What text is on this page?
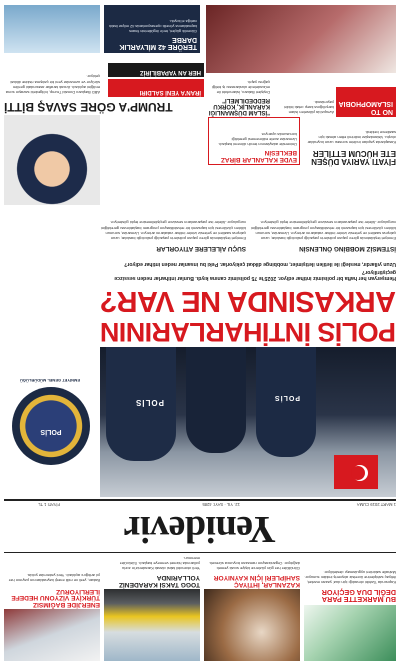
BU MARKETTE PARA DEĞİL DUA GEÇİYOR
Kapısında 'Sahibi olmadığı için dua' yazan market, ihtiyaç sahiplerine ücretsiz alışveriş imkânı sunuyor. Mahalle sakinleri uygulamayı destekliyor.
KAZANLAR, İHTİYAÇ SAHİPLERİ İÇİN KAYNIYOR
Gönüllüler her gün yüzlerce kişiye sıcak yemek dağıtıyor. Organizasyon ramazan boyunca sürecek.
TOGG TAKSİ KARADENİZ YOLLARINDA
Yerli otomobil taksi olarak Karadeniz'in zorlu yollarında hizmet vermeye başladı. Sürücüler memnun.
ENERJİDE BAĞIMSIZ TÜRKİYE VİZYONU HEDEFE İLERLİYORUZ
Bakan, yerli ve milli enerji kaynaklarının payının her yıl arttığını açıkladı. Yeni yatırımlar yolda.
Yenidevir
1 MART 2019 CUMA
12. YIL · SAYI: 4285
FİYATI 1 TL
POLİS
POLİS
POLİS İNTİHARLARININ
ARKASINDA NE VAR?
Hemşeryan her hafta bir polisimiz intihar ediyor. 2025'te 75 polisimiz canına kıydı. Bunlar intiharlar neden sessizce geçiştiriliyor?
Uzun yıllardır, mesleği ile iletilen iletişimler, mobbinge dikkat çekiyorlar. Peki bu insanlar neden intihar ediyor?
POLİS
EMNİYET GENEL MÜDÜRLÜĞÜ
İSTEMSİZ MOBBİNG ÖNLENSİN
Emniyet teşkilatında görev yapan polislerin yaşadığı psikolojik baskılar, uzun çalışma saatleri ve yetersiz izinler intihar vakalarını artırıyor. Uzmanlar, sorunun kökten çözülmesi için kapsamlı bir rehabilitasyon programı başlatılması gerektiğini vurguluyor. Aileler ise yaşananların sessizce geçiştirilmesine tepki gösteriyor.
SUÇU AİLELERE ATIYORLAR
Emniyet teşkilatında görev yapan polislerin yaşadığı psikolojik baskılar, uzun çalışma saatleri ve yetersiz izinler intihar vakalarını artırıyor. Uzmanlar, sorunun kökten çözülmesi için kapsamlı bir rehabilitasyon programı başlatılması gerektiğini vurguluyor. Aileler ise yaşananların sessizce geçiştirilmesine tepki gösteriyor.
TRUMP'A GÖRE SAVAŞ BİTTİ
İRAN'A YENİ SALDIRI
HER AN YAPABİLİRİZ
ABD Başkanı Donald Trump, bölgedeki savaşın sona erdiğini açıkladı. Ancak taraflar arasındaki gerilim sürüyor ve uzmanlar yeni bir çatışma riskine dikkat çekiyor.
FİYATI YARIYA DÜŞEN ETE HÜCUM ETTİLER
Kasaplarda yapılan indirim sonrası uzun kuyruklar oluştu. Vatandaşlar indirimli etten almak için saatlerce bekledi.
EVDE KALANLAR BİRAZ BEKLESİN
Üniversite adaylarının tercih dönemi başladı. Uzmanlar acele edilmemesi gerektiği konusunda uyarıyor.
NO TO ISLAMOPHOBIA
Avrupa'da yükselen İslam karşıtlığına karşı ortak bildiri yayımlandı.
"İSLAM DÜŞMANLIĞI KARANLIK, KORKU REDDEDİLMELİ"
Dışişleri Bakanı, İslamofobi ile mücadelede uluslararası iş birliği çağrısı yaptı.
TERÖRE 42 MİLYARLIK DARBE
Güvenlik güçleri, terör örgütlerinin finans kaynaklarına yönelik operasyonlarda 42 milyar liralık varlığa el koydu.
